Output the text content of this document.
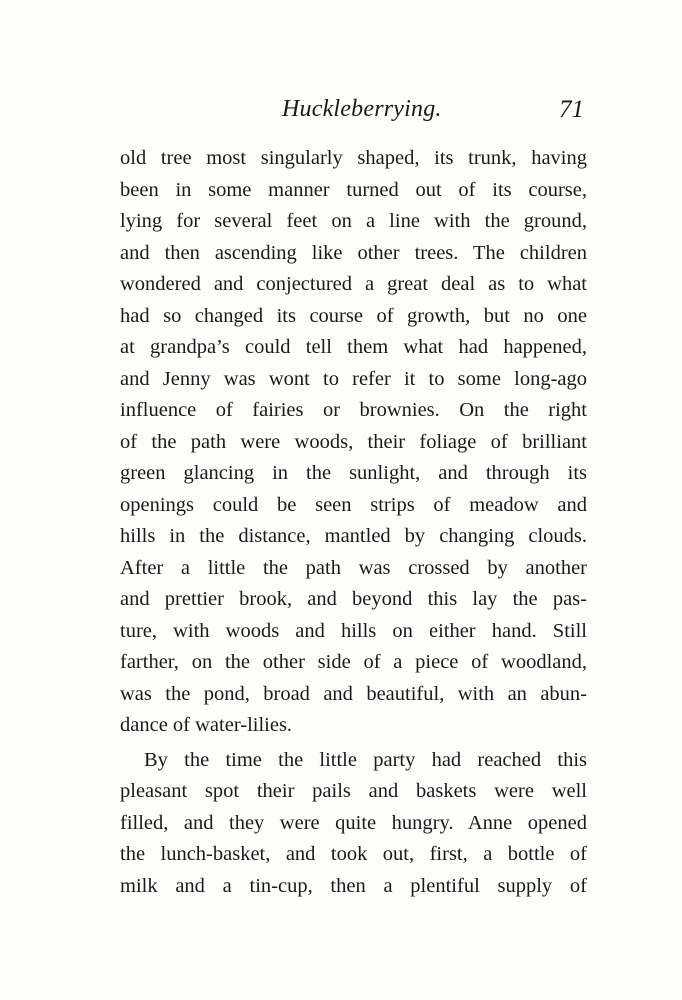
Huckleberrying.	71
old tree most singularly shaped, its trunk, having
been in some manner turned out of its course,
lying for several feet on a line with the ground,
and then ascending like other trees. The children
wondered and conjectured a great deal as to what
had so changed its course of growth, but no one
at grandpa’s could tell them what had happened,
and Jenny was wont to refer it to some long-ago
influence of fairies or brownies. On the right
of the path were woods, their foliage of brilliant
green glancing in the sunlight, and through its
openings could be seen strips of meadow and
hills in the distance, mantled by changing clouds.
After a little the path was crossed by another
and prettier brook, and beyond this lay the pas-
ture, with woods and hills on either hand. Still
farther, on the other side of a piece of woodland,
was the pond, broad and beautiful, with an abun-
dance of water-lilies.
By the time the little party had reached this
pleasant spot their pails and baskets were well
filled, and they were quite hungry. Anne opened
the lunch-basket, and took out, first, a bottle of
milk and a tin-cup, then a plentiful supply of
